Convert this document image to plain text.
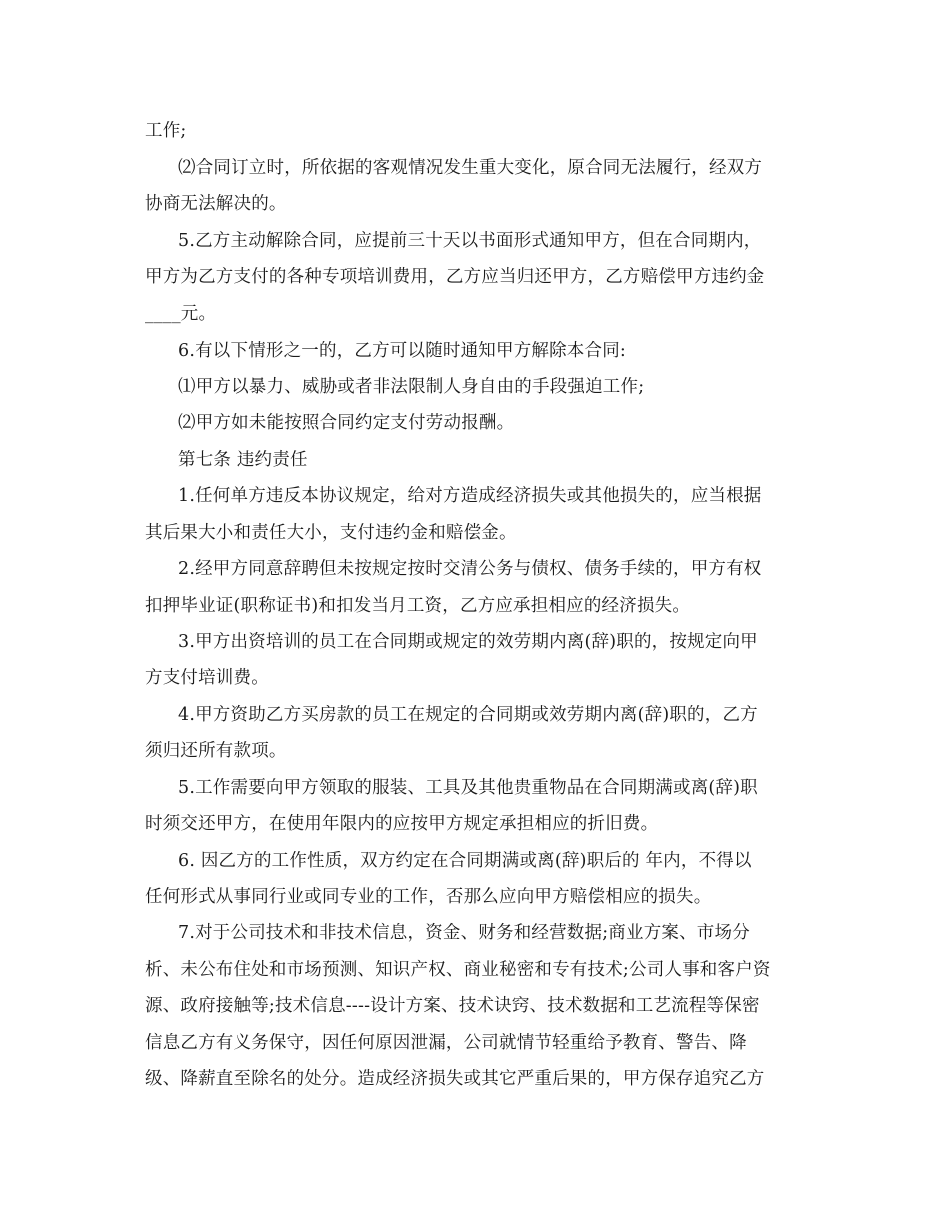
工作;
⑵合同订立时，所依据的客观情况发生重大变化，原合同无法履行，经双方
协商无法解决的。
5.乙方主动解除合同，应提前三十天以书面形式通知甲方，但在合同期内，
甲方为乙方支付的各种专项培训费用，乙方应当归还甲方，乙方赔偿甲方违约金
____元。
6.有以下情形之一的，乙方可以随时通知甲方解除本合同:
⑴甲方以暴力、威胁或者非法限制人身自由的手段强迫工作;
⑵甲方如未能按照合同约定支付劳动报酬。
第七条 违约责任
1.任何单方违反本协议规定，给对方造成经济损失或其他损失的，应当根据
其后果大小和责任大小，支付违约金和赔偿金。
2.经甲方同意辞聘但未按规定按时交清公务与债权、债务手续的，甲方有权
扣押毕业证(职称证书)和扣发当月工资，乙方应承担相应的经济损失。
3.甲方出资培训的员工在合同期或规定的效劳期内离(辞)职的，按规定向甲
方支付培训费。
4.甲方资助乙方买房款的员工在规定的合同期或效劳期内离(辞)职的，乙方
须归还所有款项。
5.工作需要向甲方领取的服装、工具及其他贵重物品在合同期满或离(辞)职
时须交还甲方，在使用年限内的应按甲方规定承担相应的折旧费。
6. 因乙方的工作性质，双方约定在合同期满或离(辞)职后的 年内，不得以
任何形式从事同行业或同专业的工作，否那么应向甲方赔偿相应的损失。
7.对于公司技术和非技术信息，资金、财务和经营数据;商业方案、市场分
析、未公布住处和市场预测、知识产权、商业秘密和专有技术;公司人事和客户资
源、政府接触等;技术信息----设计方案、技术诀窍、技术数据和工艺流程等保密
信息乙方有义务保守，因任何原因泄漏，公司就情节轻重给予教育、警告、降
级、降薪直至除名的处分。造成经济损失或其它严重后果的，甲方保存追究乙方
